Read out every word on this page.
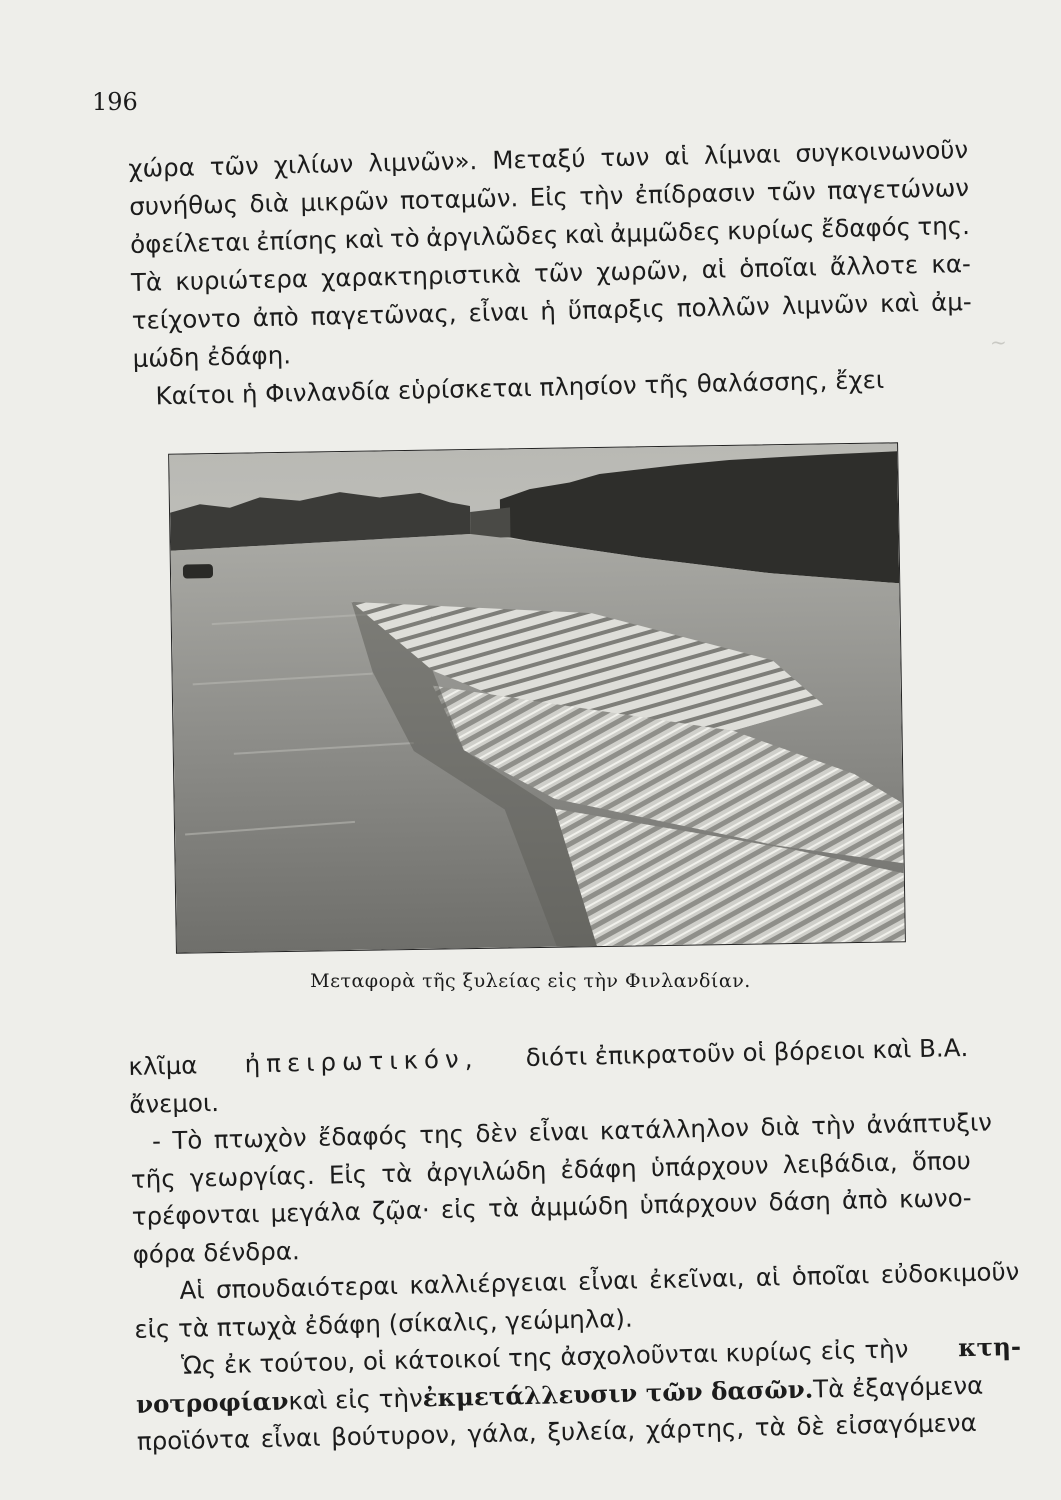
~
196
χώρα τῶν χιλίων λιμνῶν». Μεταξύ των αἱ λίμναι συγκοινωνοῦν
συνήθως διὰ μικρῶν ποταμῶν. Εἰς τὴν ἐπίδρασιν τῶν παγετώνων
ὀφείλεται ἐπίσης καὶ τὸ ἀργιλῶδες καὶ ἀμμῶδες κυρίως ἔδαφός της.
Τὰ κυριώτερα χαρακτηριστικὰ τῶν χωρῶν, αἱ ὁποῖαι ἄλλοτε κα-
τείχοντο ἀπὸ παγετῶνας, εἶναι ἡ ὕπαρξις πολλῶν λιμνῶν καὶ ἀμ-
μώδη ἐδάφη.
Καίτοι ἡ Φινλανδία εὑρίσκεται πλησίον τῆς θαλάσσης, ἔχει
Μεταφορὰ τῆς ξυλείας εἰς τὴν Φινλανδίαν.
κλῖμα ἠπειρωτικόν, διότι ἐπικρατοῦν οἱ βόρειοι καὶ Β.Α.
ἄνεμοι.
- Τὸ πτωχὸν ἔδαφός της δὲν εἶναι κατάλληλον διὰ τὴν ἀνάπτυξιν
τῆς γεωργίας. Εἰς τὰ ἀργιλώδη ἐδάφη ὑπάρχουν λειβάδια, ὅπου
τρέφονται μεγάλα ζῷα· εἰς τὰ ἀμμώδη ὑπάρχουν δάση ἀπὸ κωνο-
φόρα δένδρα.
Αἱ σπουδαιότεραι καλλιέργειαι εἶναι ἐκεῖναι, αἱ ὁποῖαι εὐδοκιμοῦν
εἰς τὰ πτωχὰ ἐδάφη (σίκαλις, γεώμηλα).
Ὡς ἐκ τούτου, οἱ κάτοικοί της ἀσχολοῦνται κυρίως εἰς τὴν κτη-
νοτροφίαν καὶ εἰς τὴν ἐκμετάλλευσιν τῶν δασῶν. Τὰ ἐξαγόμενα
προϊόντα εἶναι βούτυρον, γάλα, ξυλεία, χάρτης, τὰ δὲ εἰσαγόμενα
